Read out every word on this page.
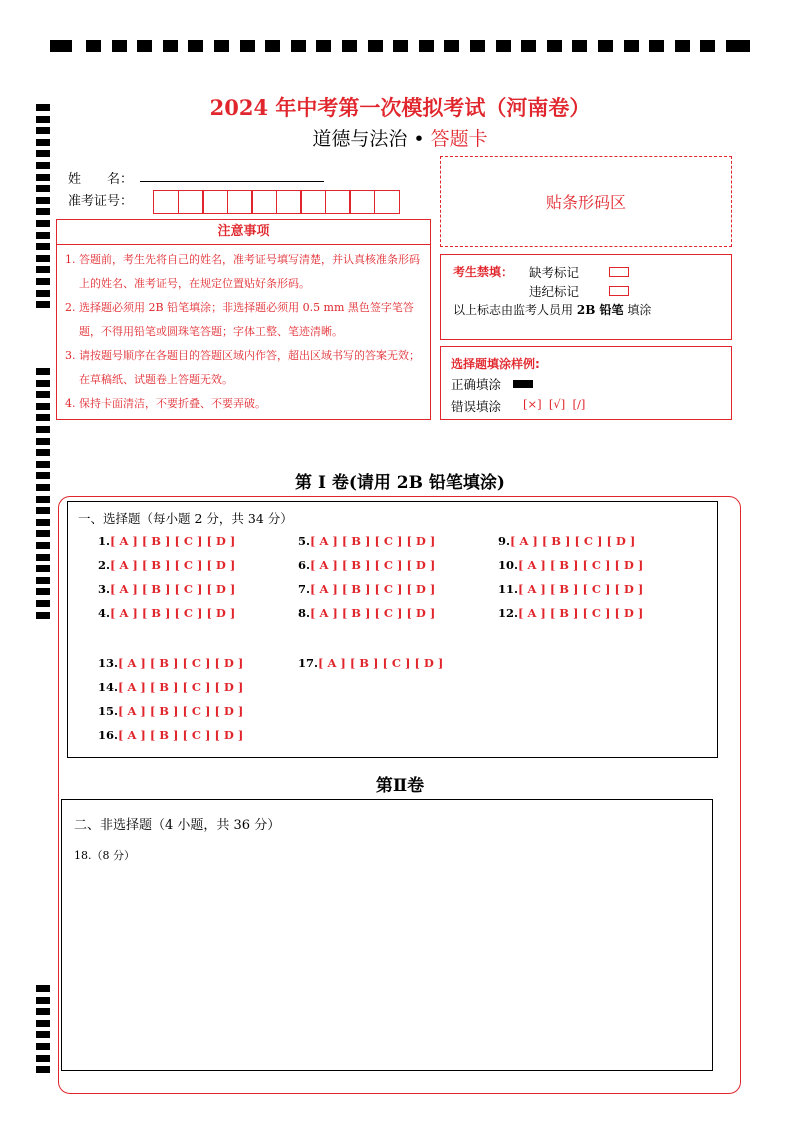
2024 年中考第一次模拟考试（河南卷）
道德与法治 • 答题卡
姓　　名：
准考证号：	贴条形码区
注意事项
1. 答题前，考生先将自己的姓名，准考证号填写清楚，并认真核准条形码上的姓名、准考证号，在规定位置贴好条形码。
2. 选择题必须用 2B 铅笔填涂；非选择题必须用 0.5 mm 黑色签字笔答题，不得用铅笔或圆珠笔答题；字体工整、笔迹清晰。
3. 请按题号顺序在各题目的答题区域内作答，超出区域书写的答案无效；在草稿纸、试题卷上答题无效。
4. 保持卡面清洁，不要折叠、不要弄破。
考生禁填： 缺考标记
违纪标记
以上标志由监考人员用 2B 铅笔 填涂
选择题填涂样例:
正确填涂
错误填涂 [×]  [√]  [/]
第 I 卷(请用 2B 铅笔填涂)
一、选择题（每小题 2 分，共 34 分）
1.[ A ] [ B ] [ C ] [ D ]
2.[ A ] [ B ] [ C ] [ D ]
3.[ A ] [ B ] [ C ] [ D ]
4.[ A ] [ B ] [ C ] [ D ]
5.[ A ] [ B ] [ C ] [ D ]
6.[ A ] [ B ] [ C ] [ D ]
7.[ A ] [ B ] [ C ] [ D ]
8.[ A ] [ B ] [ C ] [ D ]
9.[ A ] [ B ] [ C ] [ D ]
10.[ A ] [ B ] [ C ] [ D ]
11.[ A ] [ B ] [ C ] [ D ]
12.[ A ] [ B ] [ C ] [ D ]
13.[ A ] [ B ] [ C ] [ D ]
14.[ A ] [ B ] [ C ] [ D ]
15.[ A ] [ B ] [ C ] [ D ]
16.[ A ] [ B ] [ C ] [ D ]
17.[ A ] [ B ] [ C ] [ D ]
第Ⅱ卷
二、非选择题（4 小题，共 36 分）
18.（8 分）
